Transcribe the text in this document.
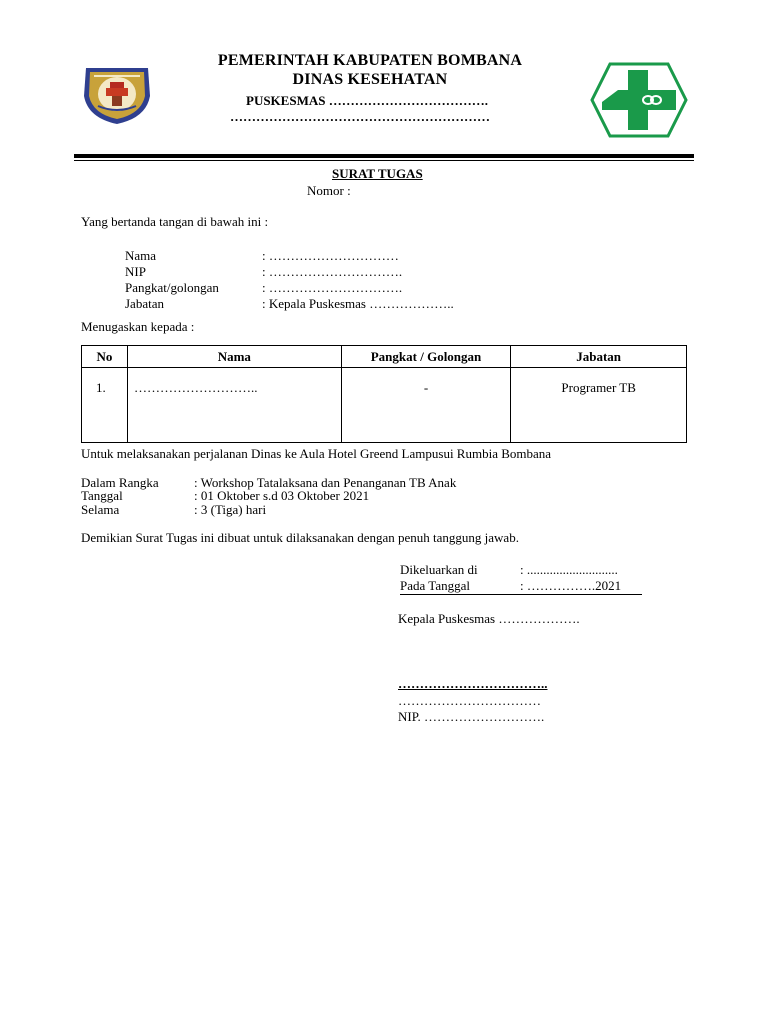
PEMERINTAH KABUPATEN BOMBANA
DINAS KESEHATAN
PUSKESMAS ……………………………….
……………………………………………………
SURAT TUGAS
Nomor :
Yang bertanda tangan di bawah ini :
Nama	: …………………………
NIP	: ………………………….
Pangkat/golongan	: ………………………….
Jabatan	: Kepala Puskesmas ………………..
Menugaskan kepada :
No	Nama	Pangkat / Golongan	Jabatan
1.	………………………..	-	Programer TB
Untuk melaksanakan perjalanan Dinas ke Aula Hotel Greend Lampusui Rumbia Bombana
Dalam Rangka	: Workshop Tatalaksana dan Penanganan TB Anak
Tanggal	: 01 Oktober s.d 03 Oktober 2021
Selama	: 3 (Tiga) hari
Demikian Surat Tugas ini dibuat untuk dilaksanakan dengan penuh tanggung jawab.
Dikeluarkan di	: ............................
Pada Tanggal	: …………….2021
Kepala Puskesmas ……………….
……………………………..
……………………………
NIP. ……………………….
